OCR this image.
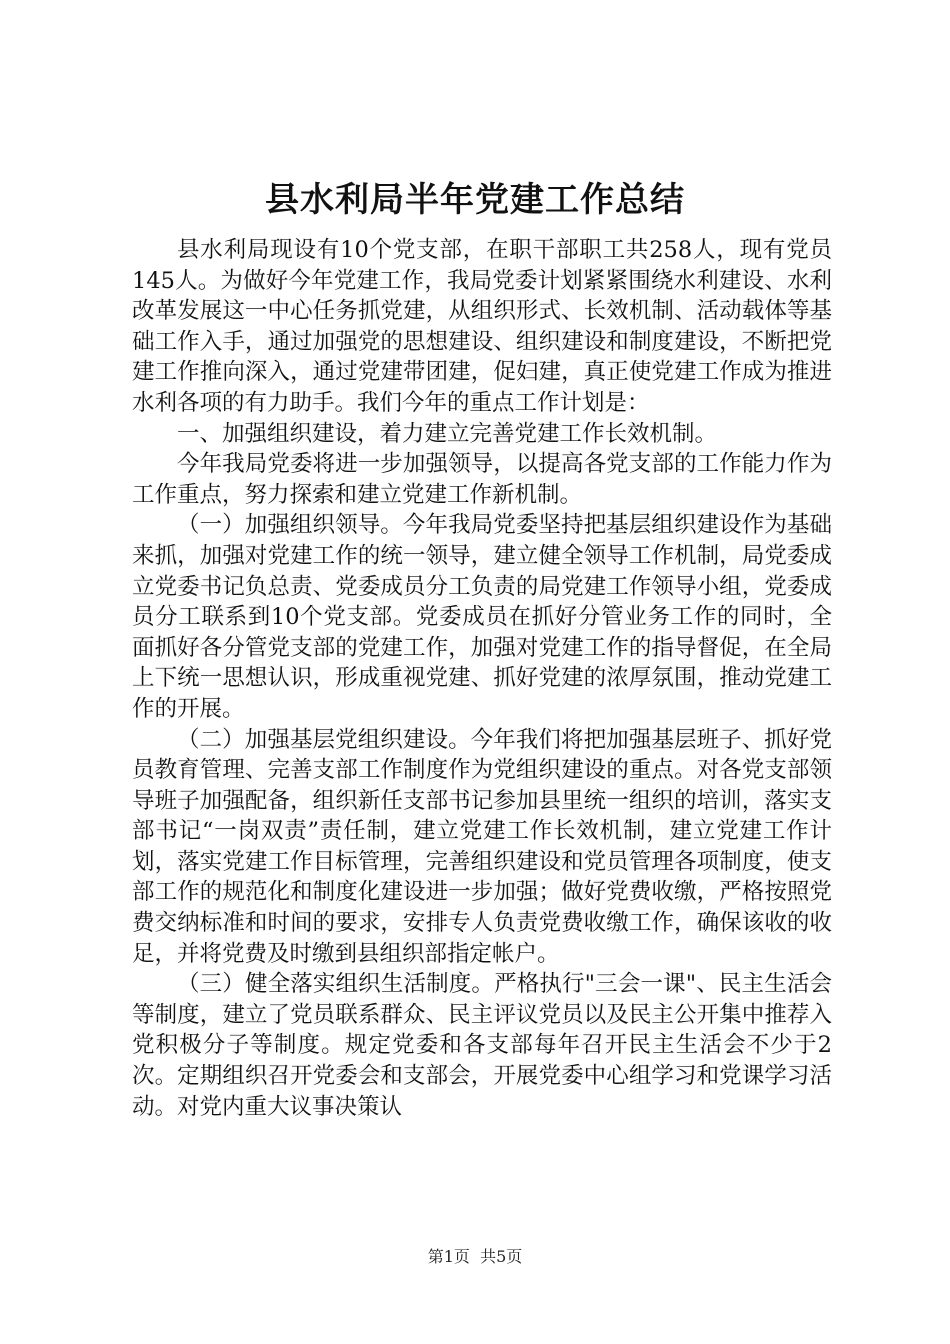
县水利局半年党建工作总结

县水利局现设有10个党支部，在职干部职工共258人，现有党员145人。为做好今年党建工作，我局党委计划紧紧围绕水利建设、水利改革发展这一中心任务抓党建，从组织形式、长效机制、活动载体等基础工作入手，通过加强党的思想建设、组织建设和制度建设，不断把党建工作推向深入，通过党建带团建，促妇建，真正使党建工作成为推进水利各项的有力助手。我们今年的重点工作计划是：

一、加强组织建设，着力建立完善党建工作长效机制。

今年我局党委将进一步加强领导，以提高各党支部的工作能力作为工作重点，努力探索和建立党建工作新机制。

（一）加强组织领导。今年我局党委坚持把基层组织建设作为基础来抓，加强对党建工作的统一领导，建立健全领导工作机制，局党委成立党委书记负总责、党委成员分工负责的局党建工作领导小组，党委成员分工联系到10个党支部。党委成员在抓好分管业务工作的同时，全面抓好各分管党支部的党建工作，加强对党建工作的指导督促，在全局上下统一思想认识，形成重视党建、抓好党建的浓厚氛围，推动党建工作的开展。

（二）加强基层党组织建设。今年我们将把加强基层班子、抓好党员教育管理、完善支部工作制度作为党组织建设的重点。对各党支部领导班子加强配备，组织新任支部书记参加县里统一组织的培训，落实支部书记“一岗双责”责任制，建立党建工作长效机制，建立党建工作计划，落实党建工作目标管理，完善组织建设和党员管理各项制度，使支部工作的规范化和制度化建设进一步加强；做好党费收缴，严格按照党费交纳标准和时间的要求，安排专人负责党费收缴工作，确保该收的收足，并将党费及时缴到县组织部指定帐户。

（三）健全落实组织生活制度。严格执行"三会一课"、民主生活会等制度，建立了党员联系群众、民主评议党员以及民主公开集中推荐入党积极分子等制度。规定党委和各支部每年召开民主生活会不少于2次。定期组织召开党委会和支部会，开展党委中心组学习和党课学习活动。对党内重大议事决策认

第1页 共5页
